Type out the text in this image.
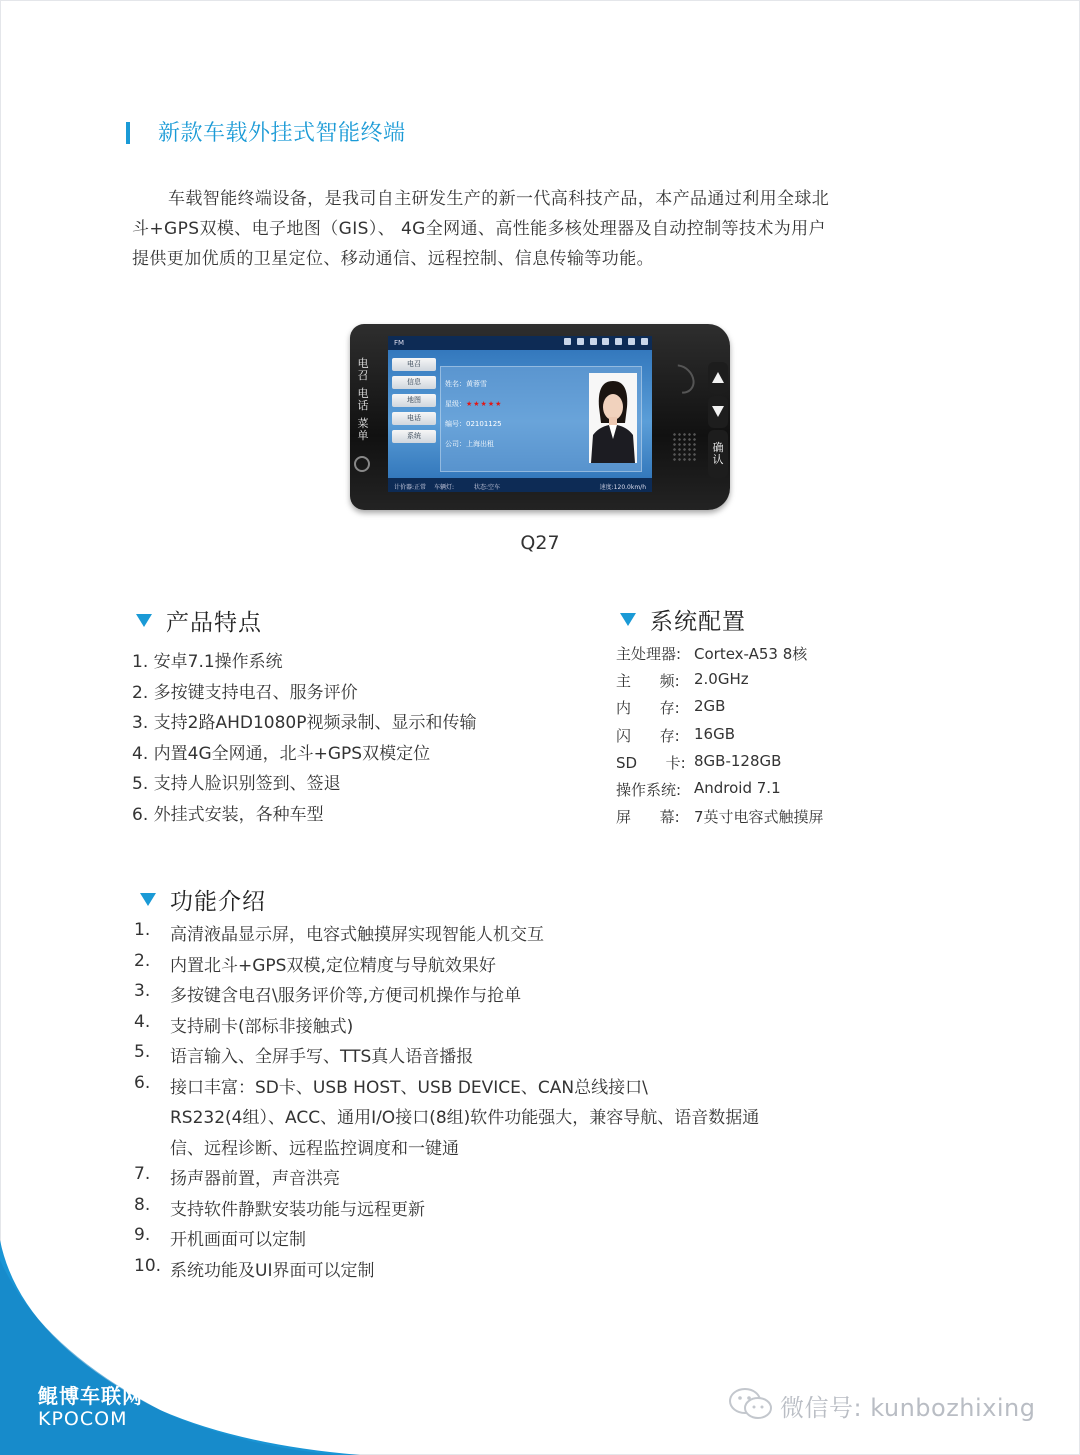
新款车载外挂式智能终端
车载智能终端设备，是我司自主研发生产的新一代高科技产品，本产品通过利用全球北
斗+GPS双模、电子地图（GIS）、 4G全网通、高性能多核处理器及自动控制等技术为用户
提供更加优质的卫星定位、移动通信、远程控制、信息传输等功能。
电召
电话
菜单
FM
电召
信息
地图
电话
系统
姓名：黄蓉雪
星级：★★★★★
编号：02101125
公司：上海出租
计价器:正常 车辆灯:	状态:空车	速度:120.0km/h
确认
Q27
产品特点
1. 安卓7.1操作系统
2. 多按键支持电召、服务评价
3. 支持2路AHD1080P视频录制、显示和传输
4. 内置4G全网通，北斗+GPS双模定位
5. 支持人脸识别签到、签退
6. 外挂式安装，各种车型
系统配置
主处理器: Cortex-A53 8核
主      频: 2.0GHz
内      存: 2GB
闪      存: 16GB
SD      卡: 8GB-128GB
操作系统: Android 7.1
屏      幕: 7英寸电容式触摸屏
功能介绍
1. 高清液晶显示屏，电容式触摸屏实现智能人机交互
2. 内置北斗+GPS双模,定位精度与导航效果好
3. 多按键含电召\服务评价等,方便司机操作与抢单
4. 支持刷卡(部标非接触式)
5. 语言输入、全屏手写、TTS真人语音播报
6. 接口丰富：SD卡、USB HOST、USB DEVICE、CAN总线接口\
RS232(4组）、ACC、通用I/O接口(8组)软件功能强大，兼容导航、语音数据通
信、远程诊断、远程监控调度和一键通
7. 扬声器前置，声音洪亮
8. 支持软件静默安装功能与远程更新
9. 开机画面可以定制
10. 系统功能及UI界面可以定制
鲲博车联网
KPOCOM	微信号: kunbozhixing
